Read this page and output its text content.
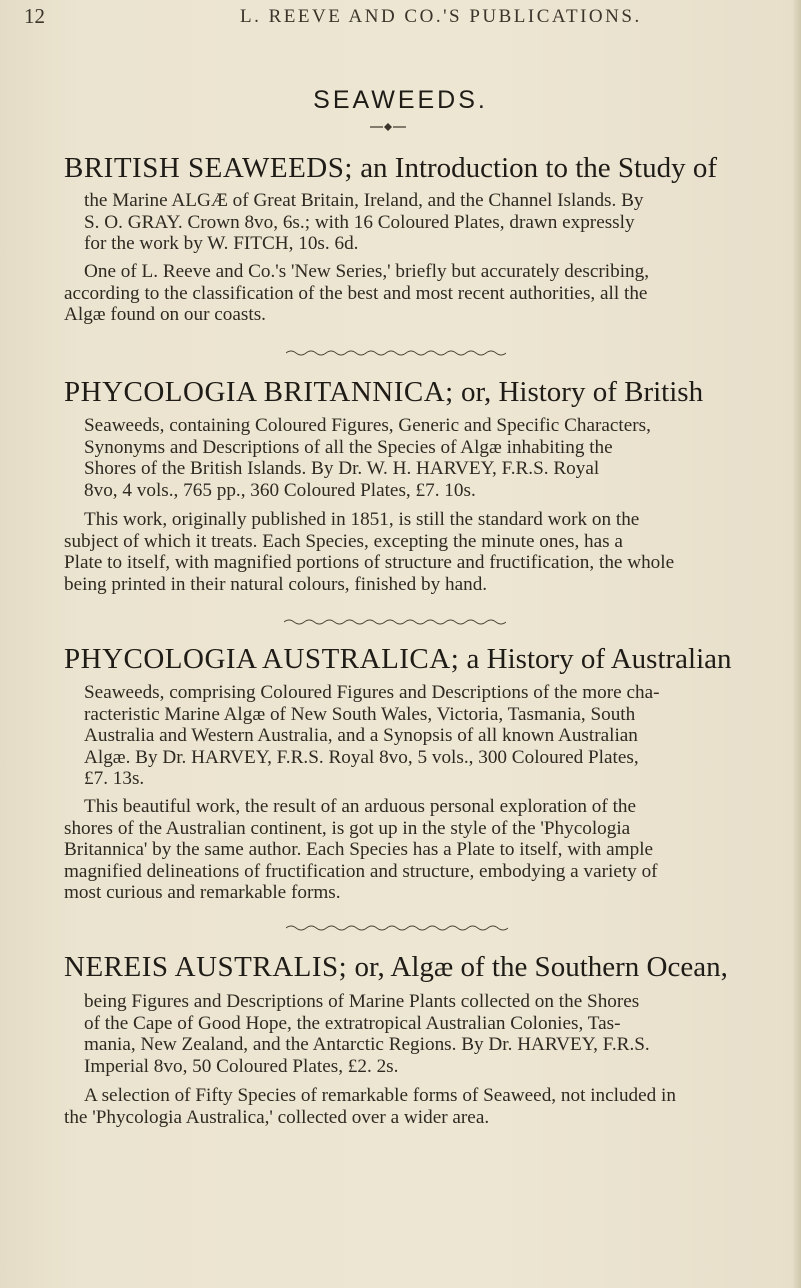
12	L. REEVE AND CO.'S PUBLICATIONS.
SEAWEEDS.
BRITISH SEAWEEDS; an Introduction to the Study of
the Marine ALGÆ of Great Britain, Ireland, and the Channel Islands. By
S. O. GRAY. Crown 8vo, 6s.; with 16 Coloured Plates, drawn expressly
for the work by W. FITCH, 10s. 6d.
One of L. Reeve and Co.'s 'New Series,' briefly but accurately describing,
according to the classification of the best and most recent authorities, all the
Algæ found on our coasts.
PHYCOLOGIA BRITANNICA; or, History of British
Seaweeds, containing Coloured Figures, Generic and Specific Characters,
Synonyms and Descriptions of all the Species of Algæ inhabiting the
Shores of the British Islands. By Dr. W. H. HARVEY, F.R.S. Royal
8vo, 4 vols., 765 pp., 360 Coloured Plates, £7. 10s.
This work, originally published in 1851, is still the standard work on the
subject of which it treats. Each Species, excepting the minute ones, has a
Plate to itself, with magnified portions of structure and fructification, the whole
being printed in their natural colours, finished by hand.
PHYCOLOGIA AUSTRALICA; a History of Australian
Seaweeds, comprising Coloured Figures and Descriptions of the more cha-
racteristic Marine Algæ of New South Wales, Victoria, Tasmania, South
Australia and Western Australia, and a Synopsis of all known Australian
Algæ. By Dr. HARVEY, F.R.S. Royal 8vo, 5 vols., 300 Coloured Plates,
£7. 13s.
This beautiful work, the result of an arduous personal exploration of the
shores of the Australian continent, is got up in the style of the 'Phycologia
Britannica' by the same author. Each Species has a Plate to itself, with ample
magnified delineations of fructification and structure, embodying a variety of
most curious and remarkable forms.
NEREIS AUSTRALIS; or, Algæ of the Southern Ocean,
being Figures and Descriptions of Marine Plants collected on the Shores
of the Cape of Good Hope, the extratropical Australian Colonies, Tas-
mania, New Zealand, and the Antarctic Regions. By Dr. HARVEY, F.R.S.
Imperial 8vo, 50 Coloured Plates, £2. 2s.
A selection of Fifty Species of remarkable forms of Seaweed, not included in
the 'Phycologia Australica,' collected over a wider area.
